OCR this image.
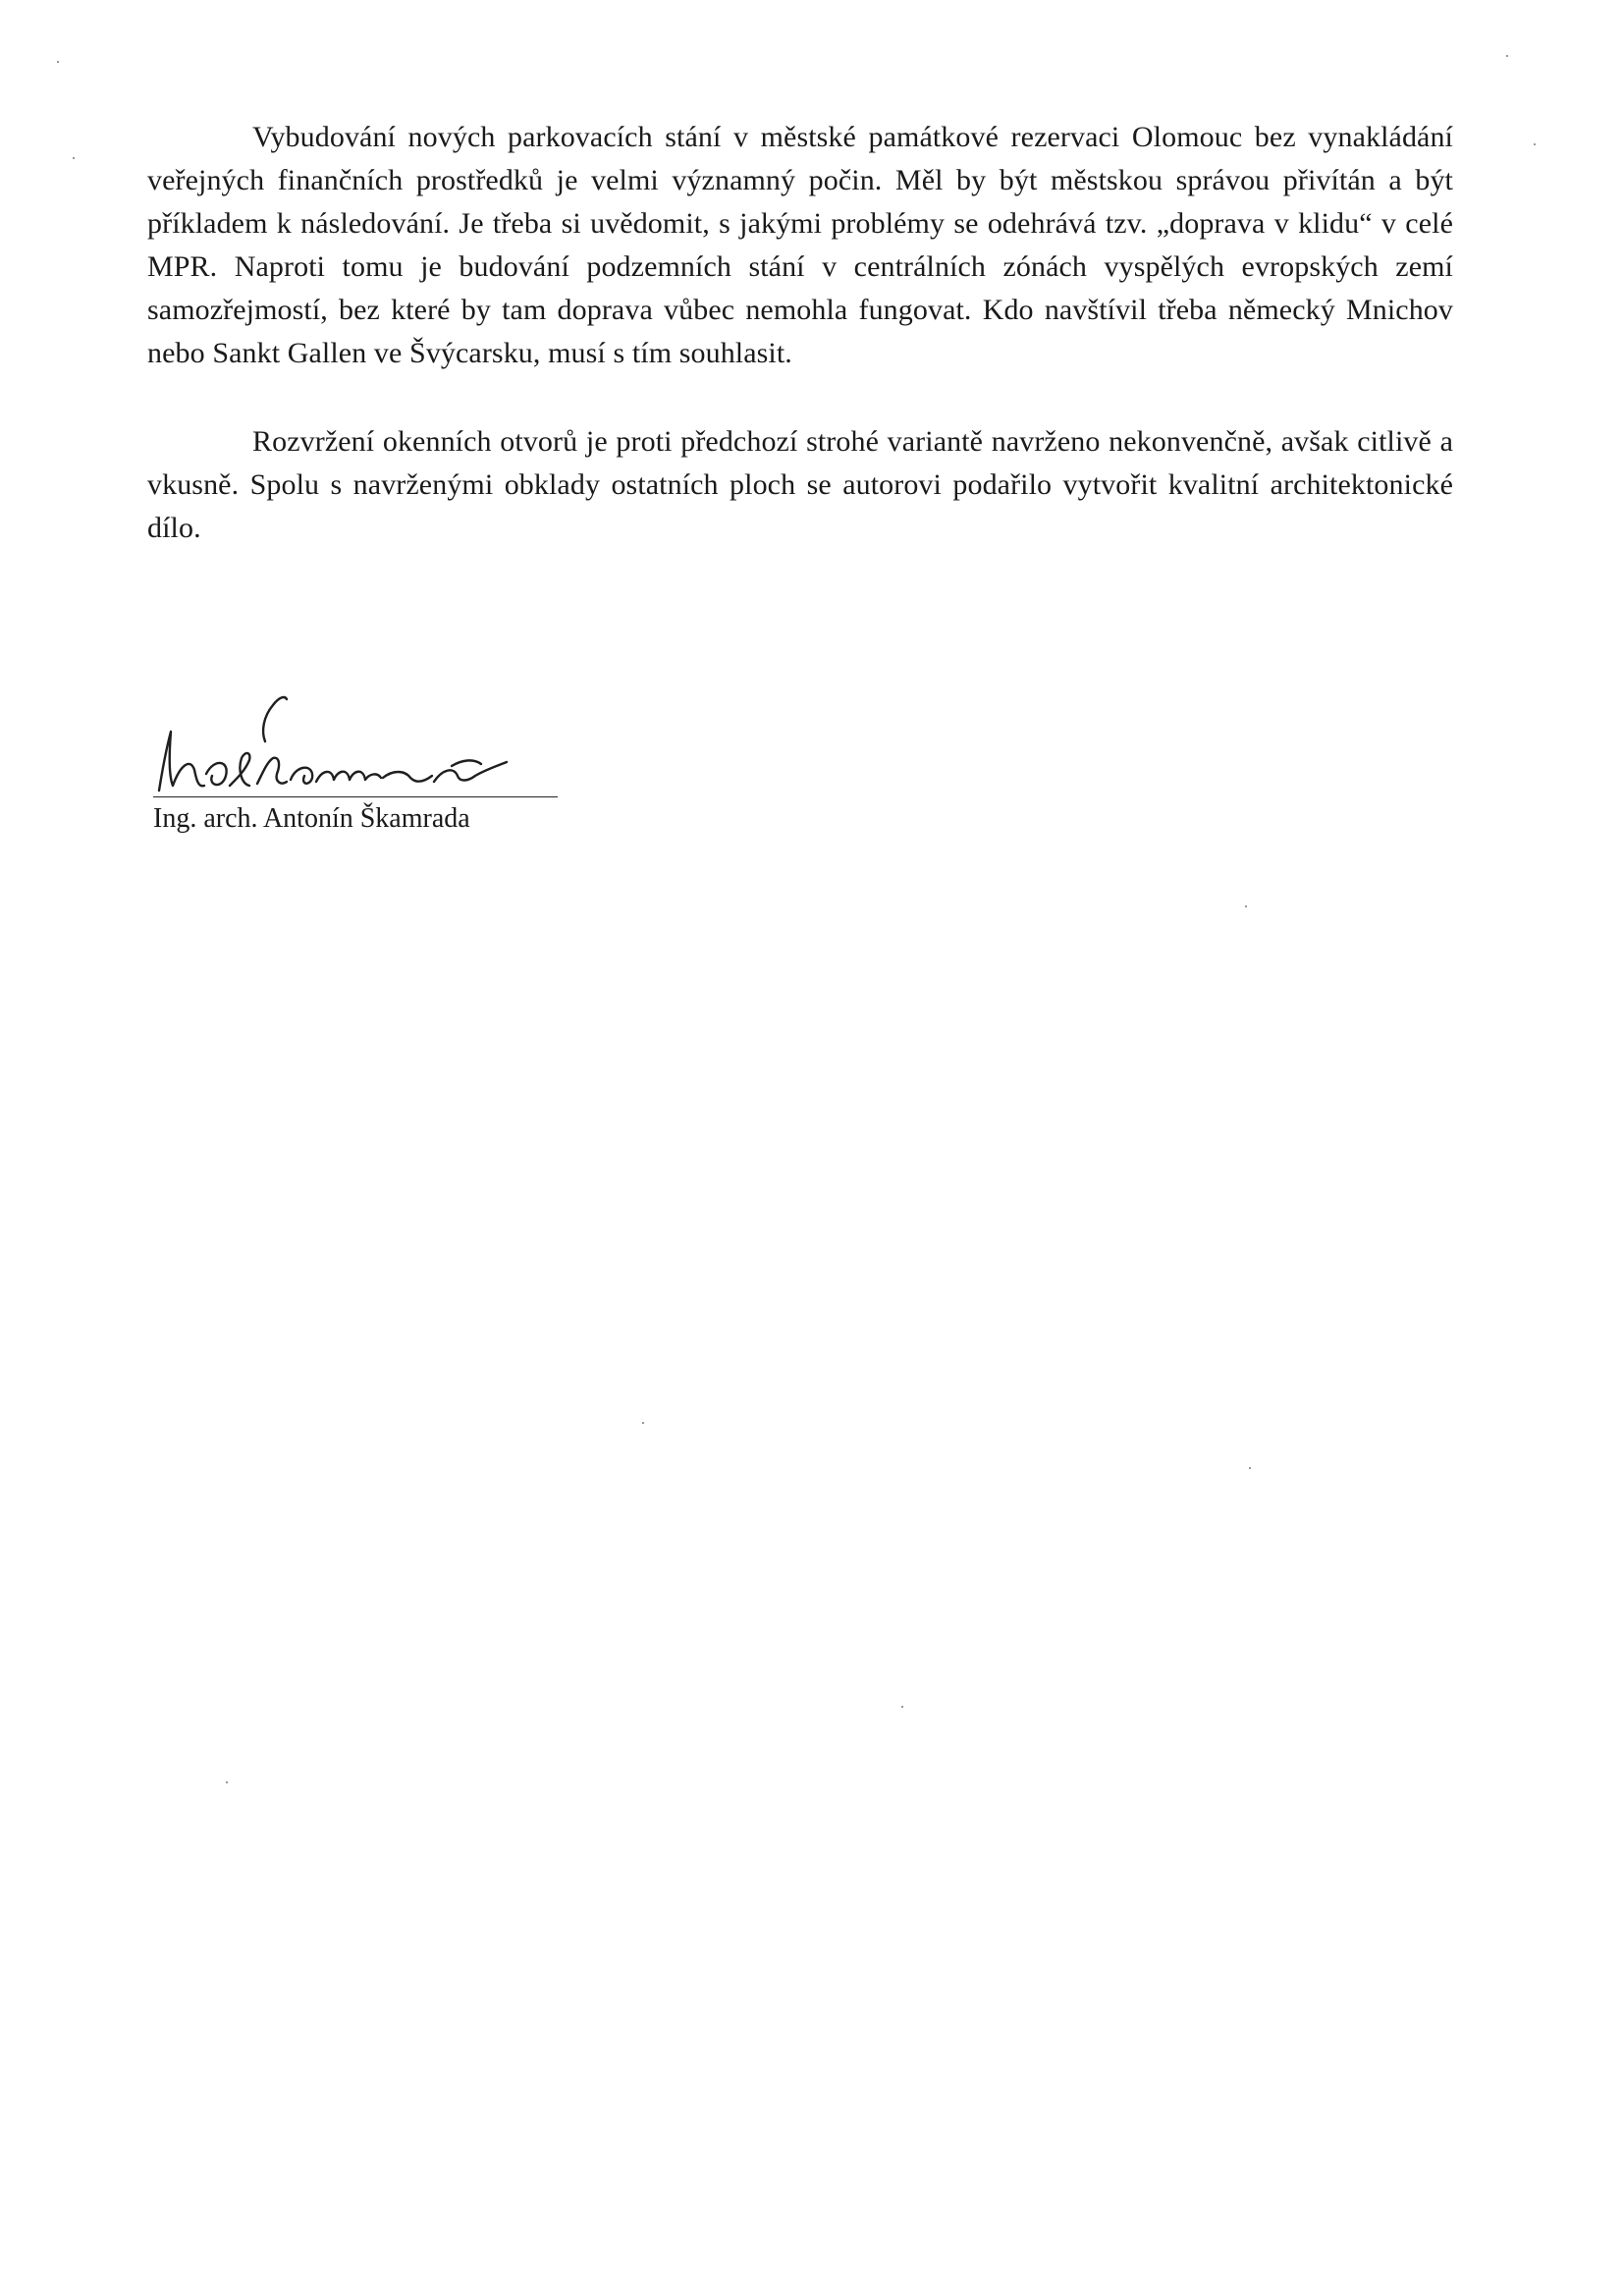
Vybudování nových parkovacích stání v městské památkové rezervaci Olomouc bez vynakládání veřejných finančních prostředků je velmi významný počin. Měl by být městskou správou přivítán a být příkladem k následování. Je třeba si uvědomit, s jakými problémy se odehrává tzv. „doprava v klidu“ v celé MPR. Naproti tomu je budování podzemních stání v centrálních zónách vyspělých evropských zemí samozřejmostí, bez které by tam doprava vůbec nemohla fungovat. Kdo navštívil třeba německý Mnichov nebo Sankt Gallen ve Švýcarsku, musí s tím souhlasit.

Rozvržení okenních otvorů je proti předchozí strohé variantě navrženo nekonvenčně, avšak citlivě a vkusně. Spolu s navrženými obklady ostatních ploch se autorovi podařilo vytvořit kvalitní architektonické dílo.

Ing. arch. Antonín Škamrada
